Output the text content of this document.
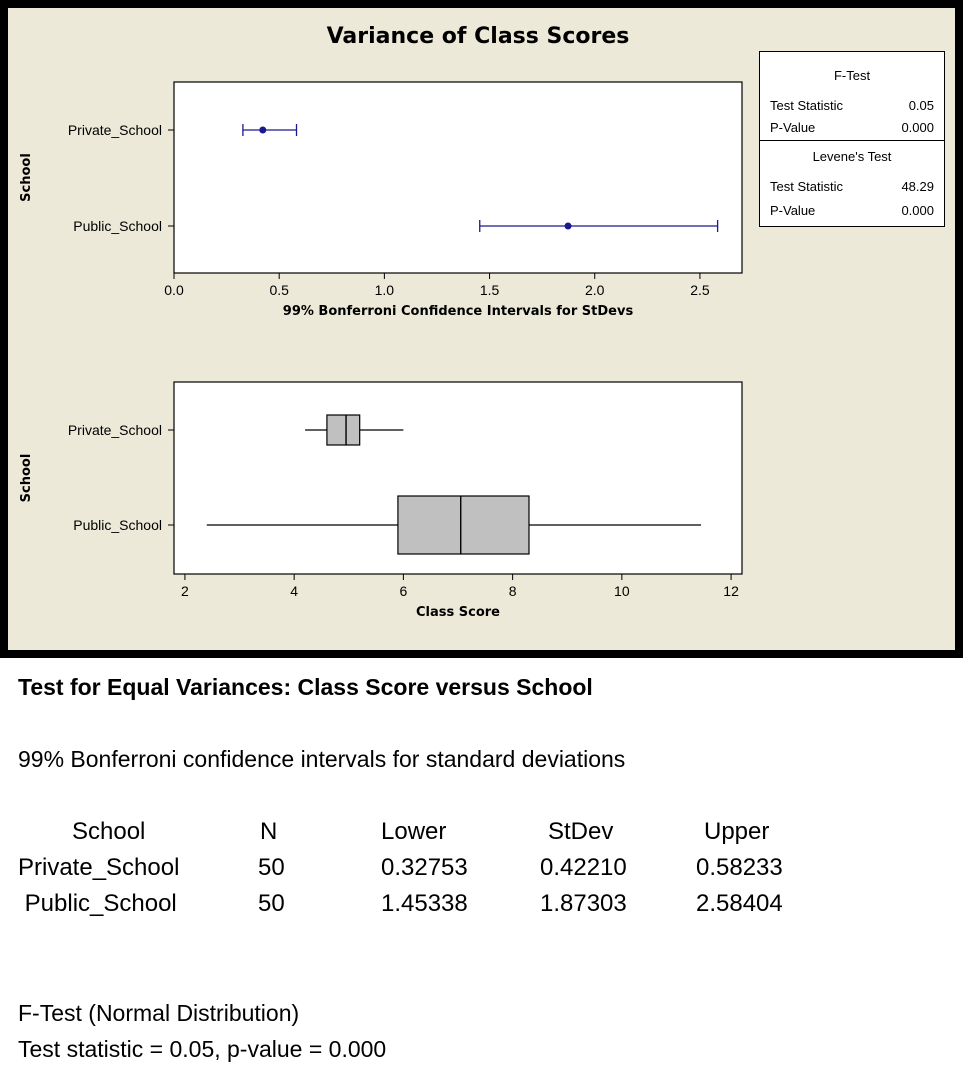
Variance of Class Scores
0.0	0.5	1.0	1.5	2.0	2.5
Private_School
Public_School
99% Bonferroni Confidence Intervals for StDevs
School
2	4	6	8	10	12
Private_School
Public_School
Class Score
School
F-Test
Test Statistic	0.05
P-Value	0.000
Levene's Test
Test Statistic	48.29
P-Value	0.000
Test for Equal Variances: Class Score versus School
99% Bonferroni confidence intervals for standard deviations
School	N	Lower	StDev	Upper
Private_School	50	0.32753	0.42210	0.58233
Public_School	50	1.45338	1.87303	2.58404
F-Test (Normal Distribution)
Test statistic = 0.05, p-value = 0.000
